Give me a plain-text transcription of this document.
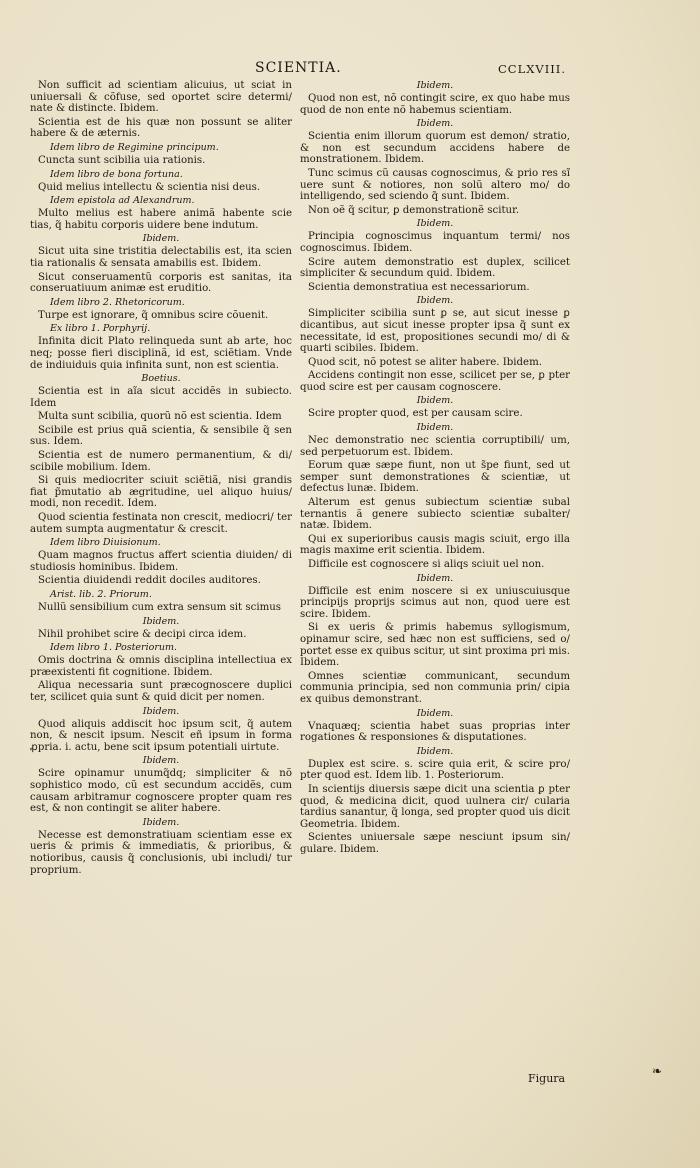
SCIENTIA.	CCLXVIII.

Non sufficit ad scientiam alicuius, ut sciat in uniuersali & cõfuse, sed oportet scire determi/ nate & distincte. Ibidem.

Scientia est de his quæ non possunt se aliter habere & de æternis.

Idem libro de Regimine principum.

Cuncta sunt scibilia uia rationis.

Idem libro de bona fortuna.

Quid melius intellectu & scientia nisi deus.

Idem epistola ad Alexandrum.

Multo melius est habere animã habente scie tias, q̃ habitu corporis uidere bene indutum.

Ibidem.

Sicut uita sine tristitia delectabilis est, ita scien tia rationalis & sensata amabilis est. Ibidem.

Sicut conseruamentũ corporis est sanitas, ita conseruatiuum animæ est eruditio.

Idem libro 2. Rhetoricorum.

Turpe est ignorare, q̃ omnibus scire cõuenit.

Ex libro 1. Porphyrij.

Infinita dicit Plato relinqueda sunt ab arte, hoc neq; posse fieri disciplinã, id est, sciẽtiam. Vnde de indiuiduis quia infinita sunt, non est scientia.

Boetius.

Scientia est in aĩa sicut accidẽs in subiecto. Idem

Multa sunt scibilia, quorũ nõ est scientia. Idem

Scibile est prius quã scientia, & sensibile q̃ sen sus. Idem.

Scientia est de numero permanentium, & di/ scibile mobilium. Idem.

Si quis mediocriter sciuit sciẽtiã, nisi grandis fiat p̃mutatio ab ægritudine, uel aliquo huius/ modi, non recedit. Idem.

Quod scientia festinata non crescit, mediocri/ ter autem sumpta augmentatur & crescit.

Idem libro Diuisionum.

Quam magnos fructus affert scientia diuiden/ di studiosis hominibus. Ibidem.

Scientia diuidendi reddit dociles auditores.

Arist. lib. 2. Priorum.

Nullũ sensibilium cum extra sensum sit scimus

Ibidem.

Nihil prohibet scire & decipi circa idem.

Idem libro 1. Posteriorum.

Omis doctrina & omnis disciplina intellectiua ex præexistenti fit cognitione. Ibidem.

Aliqua necessaria sunt præcognoscere duplici ter, scilicet quia sunt & quid dicit per nomen.

Ibidem.

Quod aliquis addiscit hoc ipsum scit, q̃ autem non, & nescit ipsum. Nescit eñ ipsum in forma ꝓpria. i. actu, bene scit ipsum potentiali uirtute.

Ibidem.

Scire opinamur unumq̃dq; simpliciter & nõ sophistico modo, cũ est secundum accidẽs, cum causam arbitramur cognoscere propter quam res est, & non contingit se aliter habere.

Ibidem.

Necesse est demonstratiuam scientiam esse ex ueris & primis & immediatis, & prioribus, & notioribus, causis q̃ conclusionis, ubi includi/ tur proprium.

Ibidem.

Quod non est, nõ contingit scire, ex quo habe mus quod de non ente nõ habemus scientiam.

Ibidem.

Scientia enim illorum quorum est demon/ stratio, & non est secundum accidens habere de monstrationem. Ibidem.

Tunc scimus cũ causas cognoscimus, & prio res sĩ uere sunt & notiores, non solũ altero mo/ do intelligendo, sed sciendo q̃ sunt. Ibidem.

Non oẽ q̃ scitur, ꝑ demonstrationẽ scitur.

Ibidem.

Principia cognoscimus inquantum termi/ nos cognoscimus. Ibidem.

Scire autem demonstratio est duplex, scilicet simpliciter & secundum quid. Ibidem.

Scientia demonstratiua est necessariorum.

Ibidem.

Simpliciter scibilia sunt ꝑ se, aut sicut inesse ꝑ dicantibus, aut sicut inesse propter ipsa q̃ sunt ex necessitate, id est, propositiones secundi mo/ di & quarti scibiles. Ibidem.

Quod scit, nõ potest se aliter habere. Ibidem.

Accidens contingit non esse, scilicet per se, ꝑ pter quod scire est per causam cognoscere.

Ibidem.

Scire propter quod, est per causam scire.

Ibidem.

Nec demonstratio nec scientia corruptibili/ um, sed perpetuorum est. Ibidem.

Eorum quæ sæpe fiunt, non ut s̃pe fiunt, sed ut semper sunt demonstrationes & scientiæ, ut defectus lunæ. Ibidem.

Alterum est genus subiectum scientiæ subal ternantis ã genere subiecto scientiæ subalter/ natæ. Ibidem.

Qui ex superioribus causis magis sciuit, ergo illa magis maxime erit scientia. Ibidem.

Difficile est cognoscere si aliqs sciuit uel non.

Ibidem.

Difficile est enim noscere si ex uniuscuiusque principijs proprijs scimus aut non, quod uere est scire. Ibidem.

Si ex ueris & primis habemus syllogismum, opinamur scire, sed hæc non est sufficiens, sed o/ portet esse ex quibus scitur, ut sint proxima pri mis. Ibidem.

Omnes scientiæ communicant, secundum communia principia, sed non communia prin/ cipia ex quibus demonstrant.

Ibidem.

Vnaquæq; scientia habet suas proprias inter rogationes & responsiones & disputationes.

Ibidem.

Duplex est scire. s. scire quia erit, & scire pro/ pter quod est. Idem lib. 1. Posteriorum.

In scientijs diuersis sæpe dicit una scientia ꝑ pter quod, & medicina dicit, quod uulnera cir/ cularia tardius sanantur, q̃ longa, sed propter quod uis dicit Geometria. Ibidem.

Scientes uniuersale sæpe nesciunt ipsum sin/ gulare. Ibidem.

Figura
❧
